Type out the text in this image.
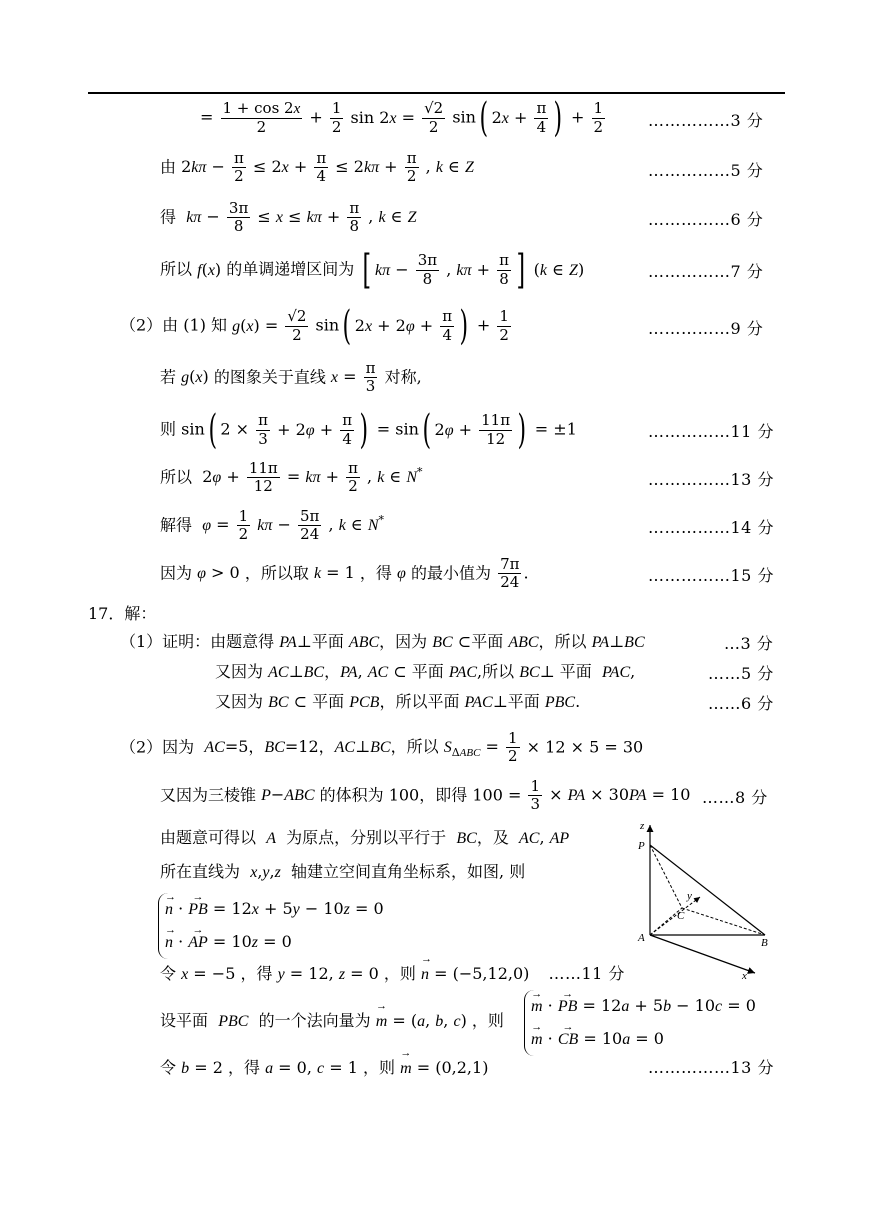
= $\frac{1 + \cos 2x}{2} + \frac{1}{2}$ $\sin 2x = \frac{√2}{2} \sin$( $2x + \frac{\pi}{4}$ ) + $\frac{1}{2}$	……………3 分
由 $2k\pi - \frac{\pi}{2} \le 2x + \frac{\pi}{4} \le 2k\pi + \frac{\pi}{2}$ , k ∈ Z	……………5 分
得 $k\pi - \frac{3\pi}{8} \le x \le k\pi + \frac{\pi}{8}$ , k ∈ Z	……………6 分
所以 f(x) 的单调递增区间为 [ $k\pi - \frac{3\pi}{8}$ , $k\pi + \frac{\pi}{8}$ ] (k ∈ Z)	……………7 分
（2）由 (1) 知 $g(x) = \frac{√2}{2} \sin$( $2x + 2\varphi + \frac{\pi}{4}$ ) + $\frac{1}{2}$	……………9 分
若 g(x) 的图象关于直线 $x = \frac{\pi}{3}$ 对称,
则 sin( $2 \times \frac{\pi}{3} + 2\varphi + \frac{\pi}{4}$ ) = sin( $2\varphi + \frac{11\pi}{12}$ ) = ±1	……………11 分
所以  $2\varphi + \frac{11\pi}{12} = k\pi + \frac{\pi}{2}$ , k ∈ N*	……………13 分
解得 $\varphi = \frac{1}{2}$ $k\pi - \frac{5\pi}{24}$ , k ∈ N*	……………14 分
因为 φ > 0 ，所以取 k = 1 ，得 φ 的最小值为 $\frac{7\pi}{24}$ .	……………15 分
17．解：
（1）证明：由题意得 PA⊥平面 ABC，因为 BC ⊂平面 ABC，所以 PA⊥BC	…3 分
又因为 AC⊥BC，PA, AC ⊂ 平面 PAC,所以 BC⊥ 平面  PAC,	……5 分
又因为 BC ⊂ 平面 PCB，所以平面 PAC⊥平面 PBC.	……6 分
（2）因为 AC=5，BC=12，AC⊥BC，所以 $S_{\Delta ABC} = \frac{1}{2} \times 12 \times 5 = 30$
又因为三棱锥 P−ABC 的体积为 100，即得 $100 = \frac{1}{3}$ × PA × 30PA = 10 ……8 分
由题意可得以 A 为原点，分别以平行于 BC，及 AC, AP
所在直线为 x,y,z 轴建立空间直角坐标系，如图, 则
→ n · → PB = 12x + 5y − 10z = 0
→ n · → AP = 10z = 0
令 x = −5 ，得 y = 12, z = 0 ，则 → n = (−5,12,0) ……11 分
设平面 PBC 的一个法向量为 → m = (a, b, c) ，则
→ m · → PB = 12a + 5b − 10c = 0
→ m · → CB = 10a = 0
令 b = 2 ，得 a = 0, c = 1 ，则 → m = (0,2,1)	……………13 分
z
P
y
C
A	B
x
